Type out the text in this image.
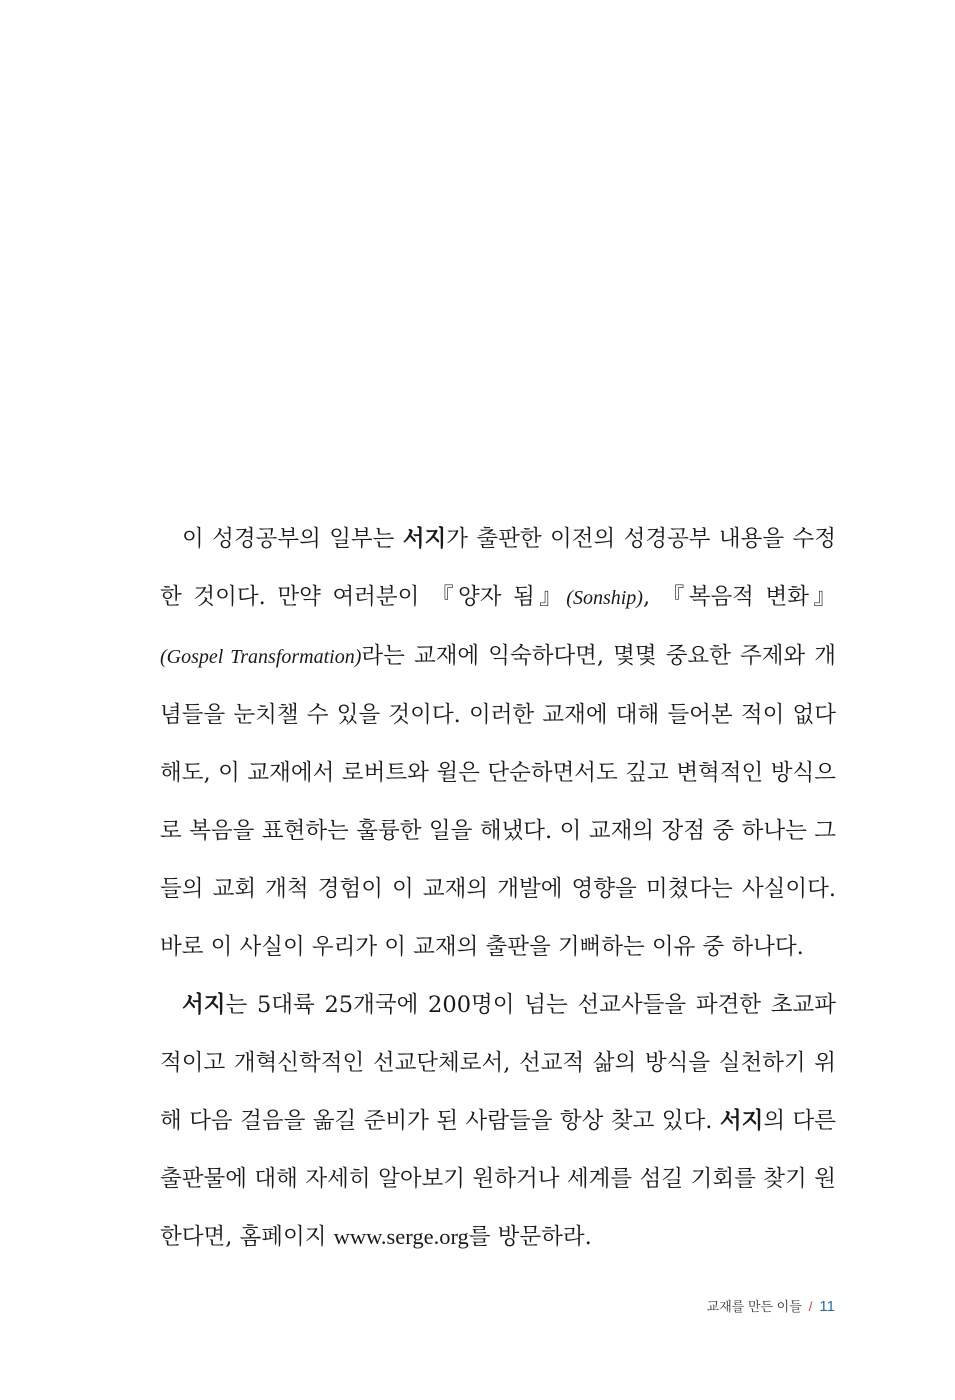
이 성경공부의 일부는 서지가 출판한 이전의 성경공부 내용을 수정한 것이다. 만약 여러분이 『양자 됨』(Sonship), 『복음적 변화』(Gospel Transformation)라는 교재에 익숙하다면, 몇몇 중요한 주제와 개념들을 눈치챌 수 있을 것이다. 이러한 교재에 대해 들어본 적이 없다 해도, 이 교재에서 로버트와 윌은 단순하면서도 깊고 변혁적인 방식으로 복음을 표현하는 훌륭한 일을 해냈다. 이 교재의 장점 중 하나는 그들의 교회 개척 경험이 이 교재의 개발에 영향을 미쳤다는 사실이다. 바로 이 사실이 우리가 이 교재의 출판을 기뻐하는 이유 중 하나다.

서지는 5대륙 25개국에 200명이 넘는 선교사들을 파견한 초교파적이고 개혁신학적인 선교단체로서, 선교적 삶의 방식을 실천하기 위해 다음 걸음을 옮길 준비가 된 사람들을 항상 찾고 있다. 서지의 다른 출판물에 대해 자세히 알아보기 원하거나 세계를 섬길 기회를 찾기 원한다면, 홈페이지 www.serge.org를 방문하라.

교재를 만든 이들 / 11
